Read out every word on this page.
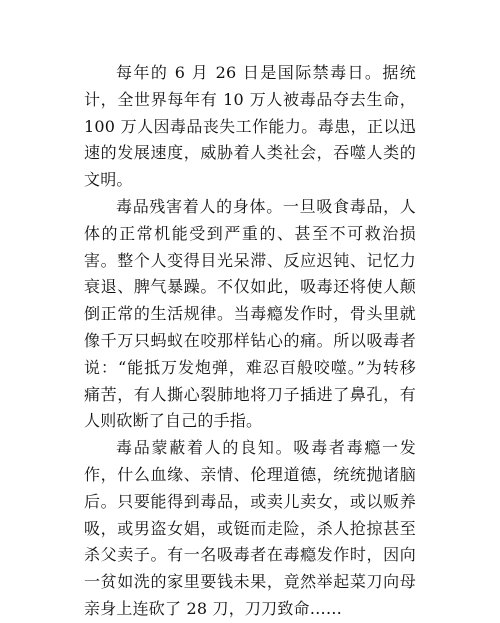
每年的 6 月 26 日是国际禁毒日。据统计，全世界每年有 10 万人被毒品夺去生命，100 万人因毒品丧失工作能力。毒患，正以迅速的发展速度，威胁着人类社会，吞噬人类的文明。

毒品残害着人的身体。一旦吸食毒品，人体的正常机能受到严重的、甚至不可救治损害。整个人变得目光呆滞、反应迟钝、记忆力衰退、脾气暴躁。不仅如此，吸毒还将使人颠倒正常的生活规律。当毒瘾发作时，骨头里就像千万只蚂蚁在咬那样钻心的痛。所以吸毒者说：“能抵万发炮弹，难忍百般咬噬。”为转移痛苦，有人撕心裂肺地将刀子插进了鼻孔，有人则砍断了自己的手指。

毒品蒙蔽着人的良知。吸毒者毒瘾一发作，什么血缘、亲情、伦理道德，统统抛诸脑后。只要能得到毒品，或卖儿卖女，或以贩养吸，或男盗女娼，或铤而走险，杀人抢掠甚至杀父卖子。有一名吸毒者在毒瘾发作时，因向一贫如洗的家里要钱未果，竟然举起菜刀向母亲身上连砍了 28 刀，刀刀致命……
